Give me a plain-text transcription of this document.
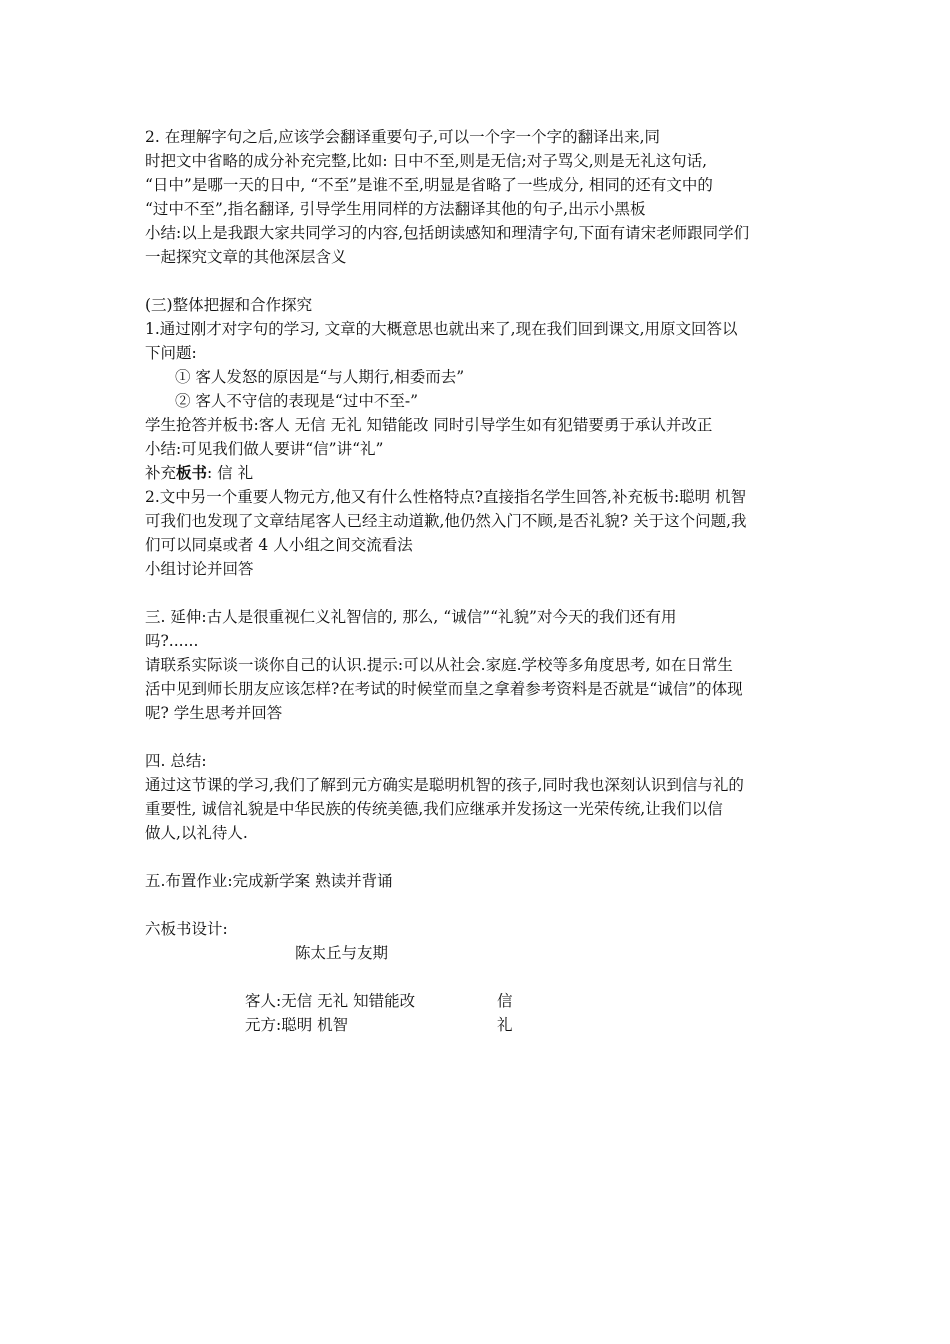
2. 在理解字句之后,应该学会翻译重要句子,可以一个字一个字的翻译出来,同

时把文中省略的成分补充完整,比如: 日中不至,则是无信;对子骂父,则是无礼这句话,

“日中”是哪一天的日中, “不至”是谁不至,明显是省略了一些成分, 相同的还有文中的

“过中不至”,指名翻译, 引导学生用同样的方法翻译其他的句子,出示小黑板

小结:以上是我跟大家共同学习的内容,包括朗读感知和理清字句,下面有请宋老师跟同学们

一起探究文章的其他深层含义

(三)整体把握和合作探究

1.通过刚才对字句的学习, 文章的大概意思也就出来了,现在我们回到课文,用原文回答以

下问题:

① 客人发怒的原因是“与人期行,相委而去”

② 客人不守信的表现是“过中不至-”

学生抢答并板书:客人 无信 无礼 知错能改 同时引导学生如有犯错要勇于承认并改正

小结:可见我们做人要讲“信”讲“礼”

补充板书: 信 礼

2.文中另一个重要人物元方,他又有什么性格特点?直接指名学生回答,补充板书:聪明 机智

可我们也发现了文章结尾客人已经主动道歉,他仍然入门不顾,是否礼貌? 关于这个问题,我

们可以同桌或者 4 人小组之间交流看法

小组讨论并回答

三. 延伸:古人是很重视仁义礼智信的, 那么, “诚信”“礼貌”对今天的我们还有用

吗?......

请联系实际谈一谈你自己的认识.提示:可以从社会.家庭.学校等多角度思考, 如在日常生

活中见到师长朋友应该怎样?在考试的时候堂而皇之拿着参考资料是否就是“诚信”的体现

呢? 学生思考并回答

四. 总结:

通过这节课的学习,我们了解到元方确实是聪明机智的孩子,同时我也深刻认识到信与礼的

重要性, 诚信礼貌是中华民族的传统美德,我们应继承并发扬这一光荣传统,让我们以信

做人,以礼待人.

五.布置作业:完成新学案 熟读并背诵

六板书设计:

陈太丘与友期

客人:无信 无礼 知错能改	信
元方:聪明 机智	礼
